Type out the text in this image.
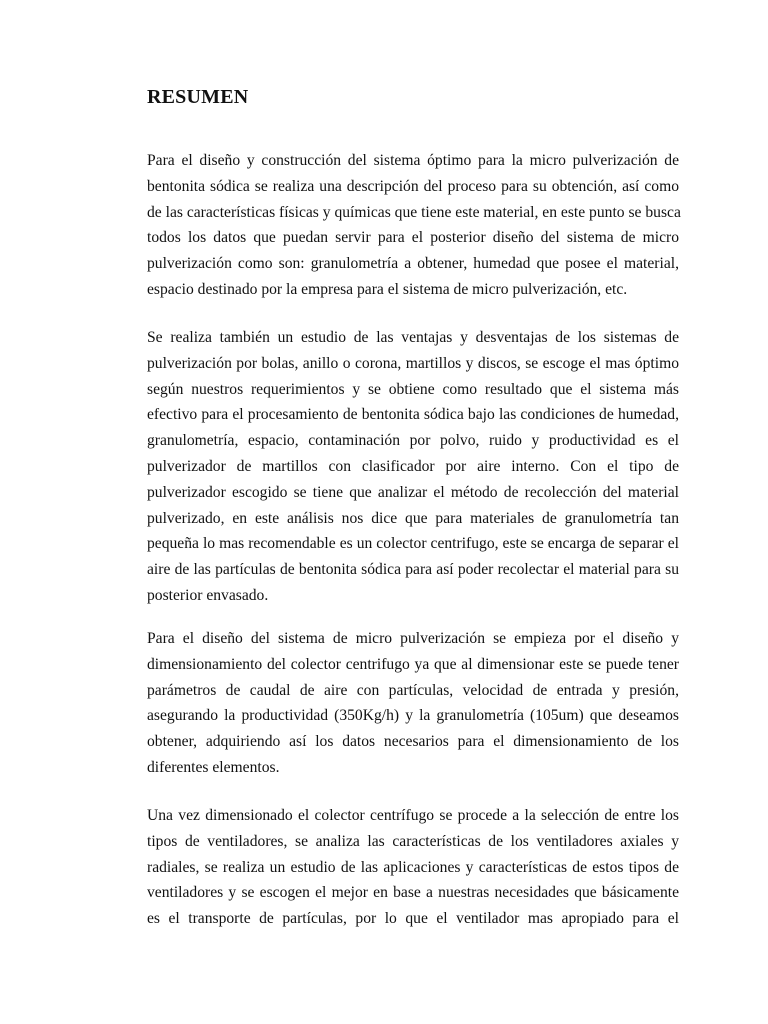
RESUMEN

Para el diseño y construcción del sistema óptimo para la micro pulverización de
bentonita sódica se realiza una descripción del proceso para su obtención, así como
de las características físicas y químicas que tiene este material, en este punto se busca
todos los datos que puedan servir para el posterior diseño del sistema de micro
pulverización como son: granulometría a obtener, humedad que posee el material,
espacio destinado por la empresa para el sistema de micro pulverización, etc.

Se realiza también un estudio de las ventajas y desventajas de los sistemas de
pulverización por bolas, anillo o corona, martillos y discos, se escoge el mas óptimo
según nuestros requerimientos y se obtiene como resultado que el sistema más
efectivo para el procesamiento de bentonita sódica bajo las condiciones de humedad,
granulometría, espacio, contaminación por polvo, ruido y productividad es el
pulverizador de martillos con clasificador por aire interno. Con el tipo de
pulverizador escogido se tiene que analizar el método de recolección del material
pulverizado, en este análisis nos dice que para materiales de granulometría tan
pequeña lo mas recomendable es un colector centrifugo, este se encarga de separar el
aire de las partículas de bentonita sódica para así poder recolectar el material para su
posterior envasado.

Para el diseño del sistema de micro pulverización se empieza por el diseño y
dimensionamiento del colector centrifugo ya que al dimensionar este se puede tener
parámetros de caudal de aire con partículas, velocidad de entrada y presión,
asegurando la productividad (350Kg/h) y la granulometría (105um) que deseamos
obtener, adquiriendo así los datos necesarios para el dimensionamiento de los
diferentes elementos.

Una vez dimensionado el colector centrífugo se procede a la selección de entre los
tipos de ventiladores, se analiza las características de los ventiladores axiales y
radiales, se realiza un estudio de las aplicaciones y características de estos tipos de
ventiladores y se escogen el mejor en base a nuestras necesidades que básicamente
es el transporte de partículas, por lo que el ventilador mas apropiado para el
